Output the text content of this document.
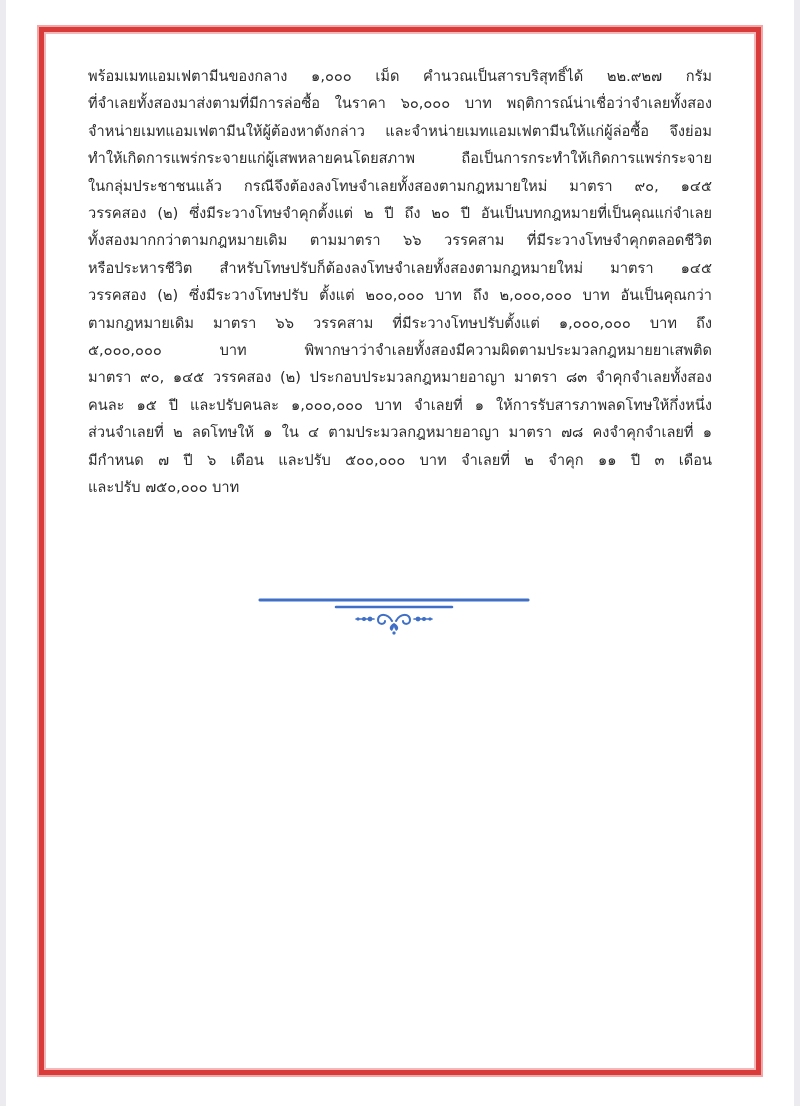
พร้อมเมทแอมเฟตามีนของกลาง ๑,๐๐๐ เม็ด คำนวณเป็นสารบริสุทธิ์ได้ ๒๒.๙๒๗ กรัม
ที่จำเลยทั้งสองมาส่งตามที่มีการล่อซื้อ ในราคา ๖๐,๐๐๐ บาท พฤติการณ์น่าเชื่อว่าจำเลยทั้งสอง
จำหน่ายเมทแอมเฟตามีนให้ผู้ต้องหาดังกล่าว และจำหน่ายเมทแอมเฟตามีนให้แก่ผู้ล่อซื้อ จึงย่อม
ทำให้เกิดการแพร่กระจายแก่ผู้เสพหลายคนโดยสภาพ ถือเป็นการกระทำให้เกิดการแพร่กระจาย
ในกลุ่มประชาชนแล้ว กรณีจึงต้องลงโทษจำเลยทั้งสองตามกฎหมายใหม่ มาตรา ๙๐, ๑๔๕
วรรคสอง (๒) ซึ่งมีระวางโทษจำคุกตั้งแต่ ๒ ปี ถึง ๒๐ ปี อันเป็นบทกฎหมายที่เป็นคุณแก่จำเลย
ทั้งสองมากกว่าตามกฎหมายเดิม ตามมาตรา ๖๖ วรรคสาม ที่มีระวางโทษจำคุกตลอดชีวิต
หรือประหารชีวิต สำหรับโทษปรับก็ต้องลงโทษจำเลยทั้งสองตามกฎหมายใหม่ มาตรา ๑๔๕
วรรคสอง (๒) ซึ่งมีระวางโทษปรับ ตั้งแต่ ๒๐๐,๐๐๐ บาท ถึง ๒,๐๐๐,๐๐๐ บาท อันเป็นคุณกว่า
ตามกฎหมายเดิม มาตรา ๖๖ วรรคสาม ที่มีระวางโทษปรับตั้งแต่ ๑,๐๐๐,๐๐๐ บาท ถึง
๕,๐๐๐,๐๐๐ บาท พิพากษาว่าจำเลยทั้งสองมีความผิดตามประมวลกฎหมายยาเสพติด
มาตรา ๙๐, ๑๔๕ วรรคสอง (๒) ประกอบประมวลกฎหมายอาญา มาตรา ๘๓ จำคุกจำเลยทั้งสอง
คนละ ๑๕ ปี และปรับคนละ ๑,๐๐๐,๐๐๐ บาท จำเลยที่ ๑ ให้การรับสารภาพลดโทษให้กึ่งหนึ่ง
ส่วนจำเลยที่ ๒ ลดโทษให้ ๑ ใน ๔ ตามประมวลกฎหมายอาญา มาตรา ๗๘ คงจำคุกจำเลยที่ ๑
มีกำหนด ๗ ปี ๖ เดือน และปรับ ๕๐๐,๐๐๐ บาท จำเลยที่ ๒ จำคุก ๑๑ ปี ๓ เดือน
และปรับ ๗๕๐,๐๐๐ บาท
